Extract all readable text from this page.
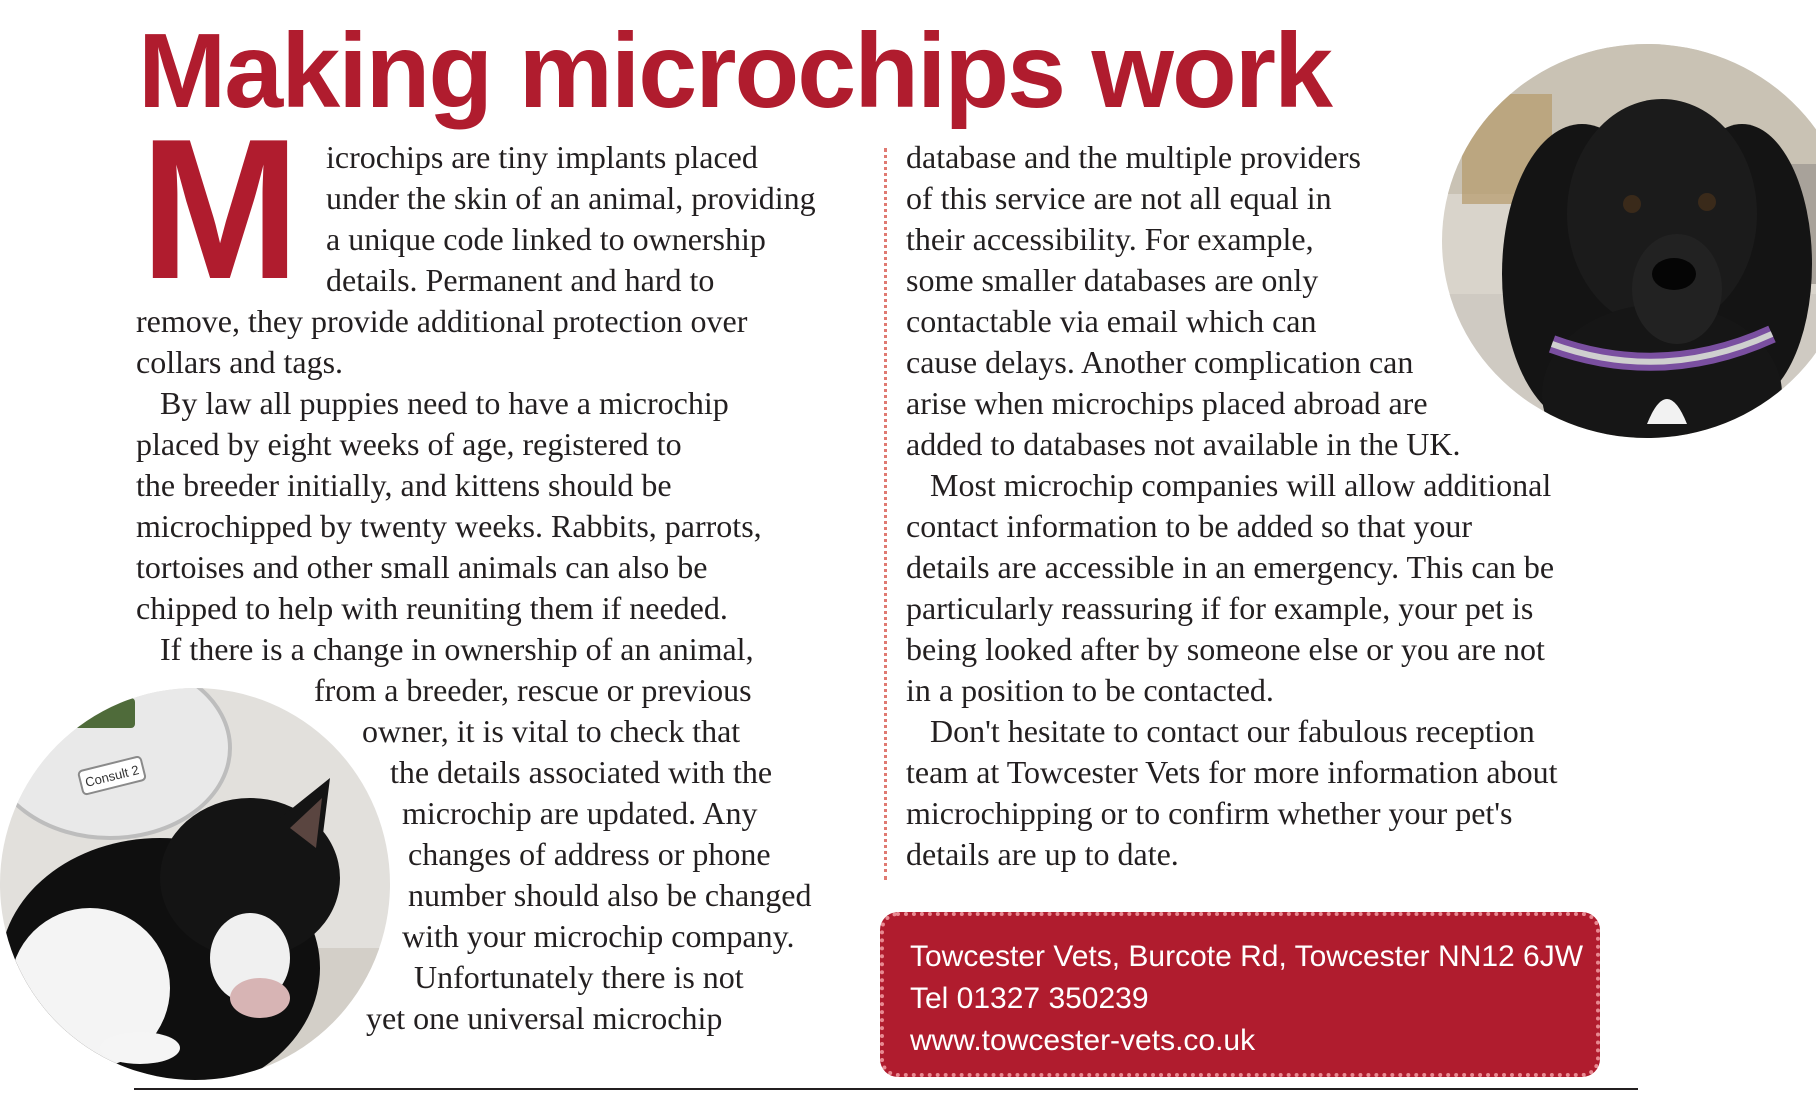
Making microchips work
M icrochips are tiny implants placed
under the skin of an animal, providing
a unique code linked to ownership
details. Permanent and hard to
remove, they provide additional protection over
collars and tags.
By law all puppies need to have a microchip
placed by eight weeks of age, registered to
the breeder initially, and kittens should be
microchipped by twenty weeks. Rabbits, parrots,
tortoises and other small animals can also be
chipped to help with reuniting them if needed.
If there is a change in ownership of an animal,
from a breeder, rescue or previous
owner, it is vital to check that
the details associated with the
microchip are updated. Any
changes of address or phone
number should also be changed
with your microchip company.
Unfortunately there is not
yet one universal microchip
database and the multiple providers
of this service are not all equal in
their accessibility. For example,
some smaller databases are only
contactable via email which can
cause delays. Another complication can
arise when microchips placed abroad are
added to databases not available in the UK.
Most microchip companies will allow additional
contact information to be added so that your
details are accessible in an emergency. This can be
particularly reassuring if for example, your pet is
being looked after by someone else or you are not
in a position to be contacted.
Don't hesitate to contact our fabulous reception
team at Towcester Vets for more information about
microchipping or to confirm whether your pet's
details are up to date.
Consult 2
Towcester Vets, Burcote Rd, Towcester NN12 6JW
Tel 01327 350239
www.towcester-vets.co.uk
